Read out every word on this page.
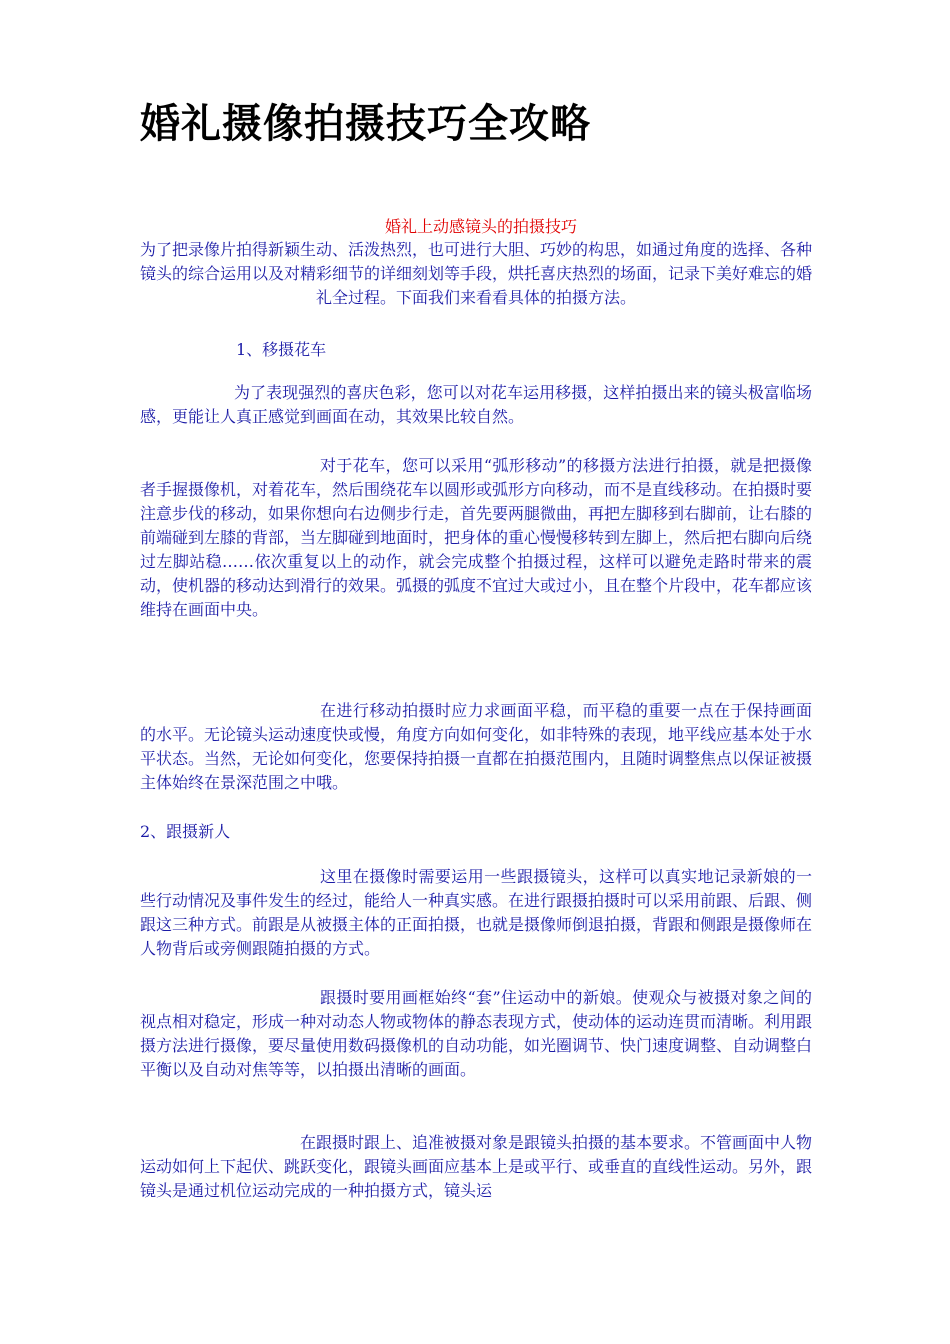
婚礼摄像拍摄技巧全攻略
婚礼上动感镜头的拍摄技巧

为了把录像片拍得新颖生动、活泼热烈，也可进行大胆、巧妙的构思，如通过角度的选择、各种镜头的综合运用以及对精彩细节的详细刻划等手段，烘托喜庆热烈的场面，记录下美好难忘的婚礼全过程。下面我们来看看具体的拍摄方法。

1、移摄花车

为了表现强烈的喜庆色彩，您可以对花车运用移摄，这样拍摄出来的镜头极富临场感，更能让人真正感觉到画面在动，其效果比较自然。

对于花车，您可以采用“弧形移动”的移摄方法进行拍摄，就是把摄像者手握摄像机，对着花车，然后围绕花车以圆形或弧形方向移动，而不是直线移动。在拍摄时要注意步伐的移动，如果你想向右边侧步行走，首先要两腿微曲，再把左脚移到右脚前，让右膝的前端碰到左膝的背部，当左脚碰到地面时，把身体的重心慢慢移转到左脚上，然后把右脚向后绕过左脚站稳……依次重复以上的动作，就会完成整个拍摄过程，这样可以避免走路时带来的震动，使机器的移动达到滑行的效果。弧摄的弧度不宜过大或过小，且在整个片段中，花车都应该维持在画面中央。

在进行移动拍摄时应力求画面平稳，而平稳的重要一点在于保持画面的水平。无论镜头运动速度快或慢，角度方向如何变化，如非特殊的表现，地平线应基本处于水平状态。当然，无论如何变化，您要保持拍摄一直都在拍摄范围内，且随时调整焦点以保证被摄主体始终在景深范围之中哦。

2、跟摄新人

这里在摄像时需要运用一些跟摄镜头，这样可以真实地记录新娘的一些行动情况及事件发生的经过，能给人一种真实感。在进行跟摄拍摄时可以采用前跟、后跟、侧跟这三种方式。前跟是从被摄主体的正面拍摄，也就是摄像师倒退拍摄，背跟和侧跟是摄像师在人物背后或旁侧跟随拍摄的方式。

跟摄时要用画框始终“套”住运动中的新娘。使观众与被摄对象之间的视点相对稳定，形成一种对动态人物或物体的静态表现方式，使动体的运动连贯而清晰。利用跟摄方法进行摄像，要尽量使用数码摄像机的自动功能，如光圈调节、快门速度调整、自动调整白平衡以及自动对焦等等，以拍摄出清晰的画面。

在跟摄时跟上、追准被摄对象是跟镜头拍摄的基本要求。不管画面中人物运动如何上下起伏、跳跃变化，跟镜头画面应基本上是或平行、或垂直的直线性运动。另外，跟镜头是通过机位运动完成的一种拍摄方式，镜头运
